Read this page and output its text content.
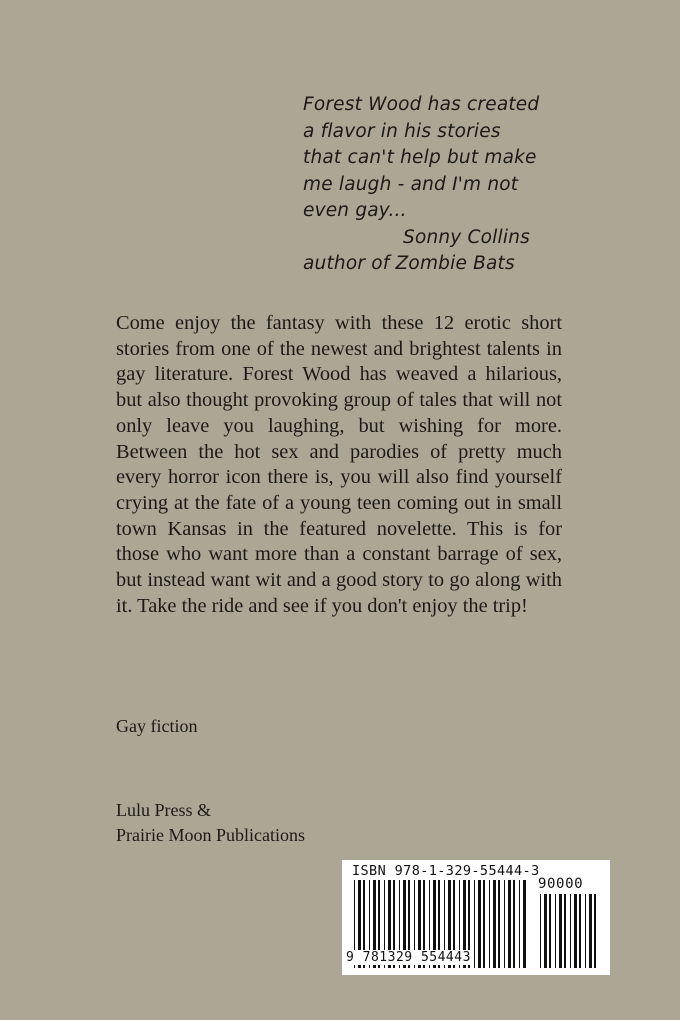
Forest Wood has created
a flavor in his stories
that can't help but make
me laugh - and I'm not
even gay...
Sonny Collins
author of Zombie Bats

Come enjoy the fantasy with these 12 erotic short stories from one of the newest and brightest talents in gay literature. Forest Wood has weaved a hilarious, but also thought provoking group of tales that will not only leave you laughing, but wishing for more. Between the hot sex and parodies of pretty much every horror icon there is, you will also find yourself crying at the fate of a young teen coming out in small town Kansas in the featured novelette. This is for those who want more than a constant barrage of sex, but instead want wit and a good story to go along with it. Take the ride and see if you don't enjoy the trip!

Gay fiction
Lulu Press &
Prairie Moon Publications
ISBN 978-1-329-55444-3
90000
9 781329 554443
